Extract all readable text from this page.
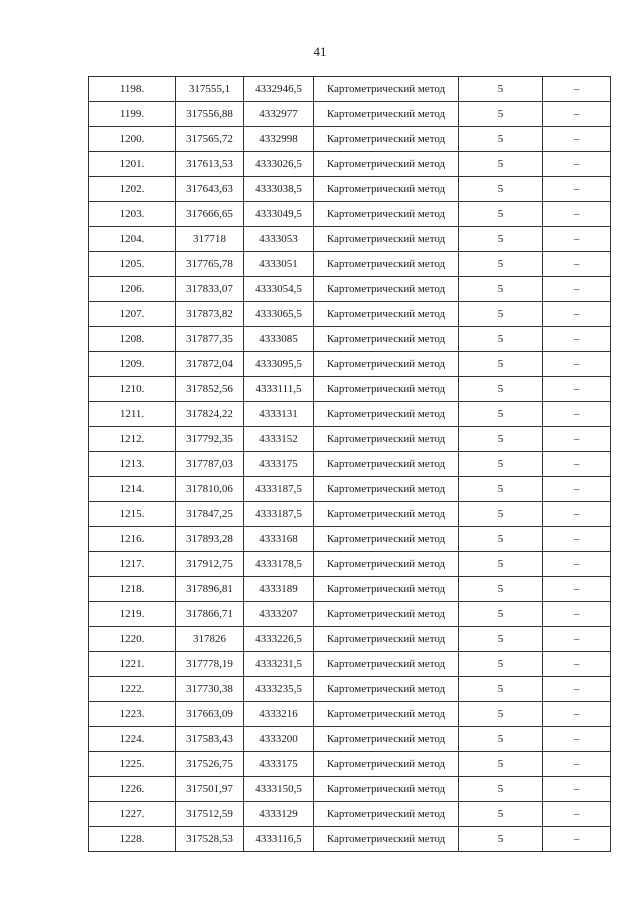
41
1198.	317555,1	4332946,5	Картометрический метод	5	–
1199.	317556,88	4332977	Картометрический метод	5	–
1200.	317565,72	4332998	Картометрический метод	5	–
1201.	317613,53	4333026,5	Картометрический метод	5	–
1202.	317643,63	4333038,5	Картометрический метод	5	–
1203.	317666,65	4333049,5	Картометрический метод	5	–
1204.	317718	4333053	Картометрический метод	5	–
1205.	317765,78	4333051	Картометрический метод	5	–
1206.	317833,07	4333054,5	Картометрический метод	5	–
1207.	317873,82	4333065,5	Картометрический метод	5	–
1208.	317877,35	4333085	Картометрический метод	5	–
1209.	317872,04	4333095,5	Картометрический метод	5	–
1210.	317852,56	4333111,5	Картометрический метод	5	–
1211.	317824,22	4333131	Картометрический метод	5	–
1212.	317792,35	4333152	Картометрический метод	5	–
1213.	317787,03	4333175	Картометрический метод	5	–
1214.	317810,06	4333187,5	Картометрический метод	5	–
1215.	317847,25	4333187,5	Картометрический метод	5	–
1216.	317893,28	4333168	Картометрический метод	5	–
1217.	317912,75	4333178,5	Картометрический метод	5	–
1218.	317896,81	4333189	Картометрический метод	5	–
1219.	317866,71	4333207	Картометрический метод	5	–
1220.	317826	4333226,5	Картометрический метод	5	–
1221.	317778,19	4333231,5	Картометрический метод	5	–
1222.	317730,38	4333235,5	Картометрический метод	5	–
1223.	317663,09	4333216	Картометрический метод	5	–
1224.	317583,43	4333200	Картометрический метод	5	–
1225.	317526,75	4333175	Картометрический метод	5	–
1226.	317501,97	4333150,5	Картометрический метод	5	–
1227.	317512,59	4333129	Картометрический метод	5	–
1228.	317528,53	4333116,5	Картометрический метод	5	–
